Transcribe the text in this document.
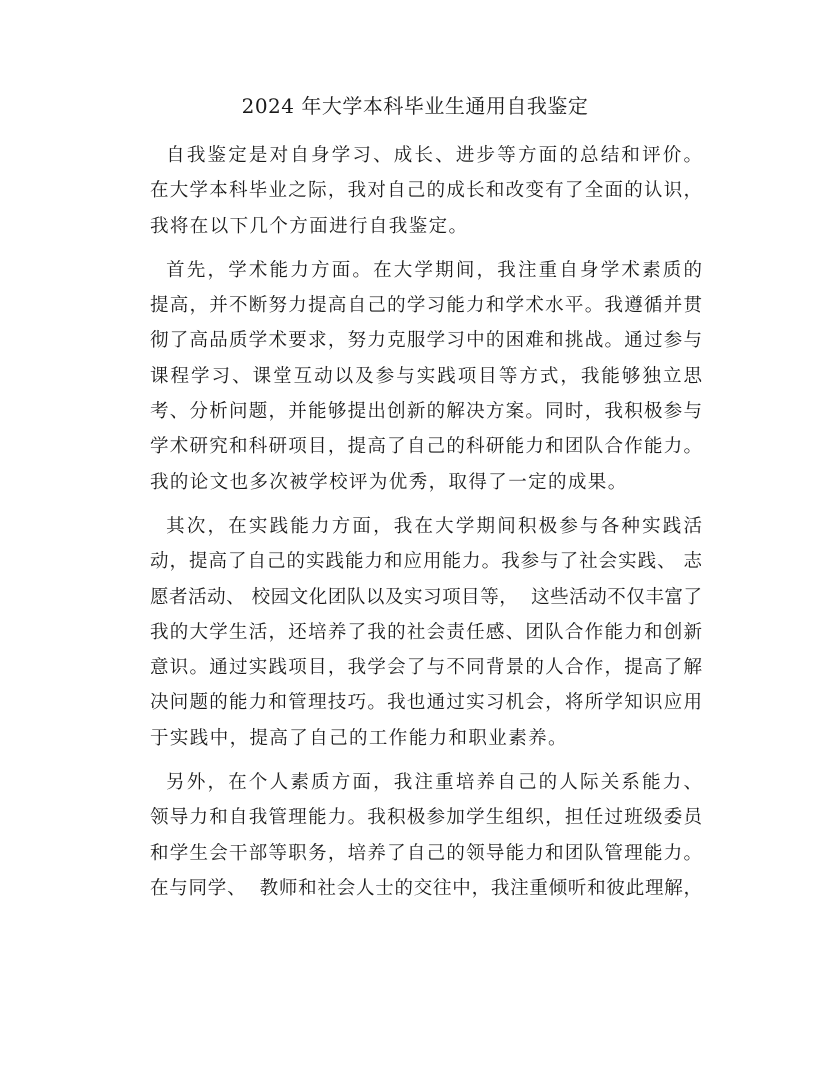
2024 年大学本科毕业生通用自我鉴定
自我鉴定是对自身学习、成长、进步等方面的总结和评价。
在大学本科毕业之际，我对自己的成长和改变有了全面的认识，
我将在以下几个方面进行自我鉴定。
首先，学术能力方面。在大学期间，我注重自身学术素质的
提高，并不断努力提高自己的学习能力和学术水平。我遵循并贯
彻了高品质学术要求，努力克服学习中的困难和挑战。通过参与
课程学习、课堂互动以及参与实践项目等方式，我能够独立思
考、分析问题，并能够提出创新的解决方案。同时，我积极参与
学术研究和科研项目，提高了自己的科研能力和团队合作能力。
我的论文也多次被学校评为优秀，取得了一定的成果。
其次，在实践能力方面，我在大学期间积极参与各种实践活
动，提高了自己的实践能力和应用能力。我参与了社会实践、 志
愿者活动、 校园文化团队以及实习项目等，  这些活动不仅丰富了
我的大学生活，还培养了我的社会责任感、团队合作能力和创新
意识。通过实践项目，我学会了与不同背景的人合作，提高了解
决问题的能力和管理技巧。我也通过实习机会，将所学知识应用
于实践中，提高了自己的工作能力和职业素养。
另外，在个人素质方面，我注重培养自己的人际关系能力、
领导力和自我管理能力。我积极参加学生组织，担任过班级委员
和学生会干部等职务，培养了自己的领导能力和团队管理能力。
在与同学、  教师和社会人士的交往中，我注重倾听和彼此理解，
